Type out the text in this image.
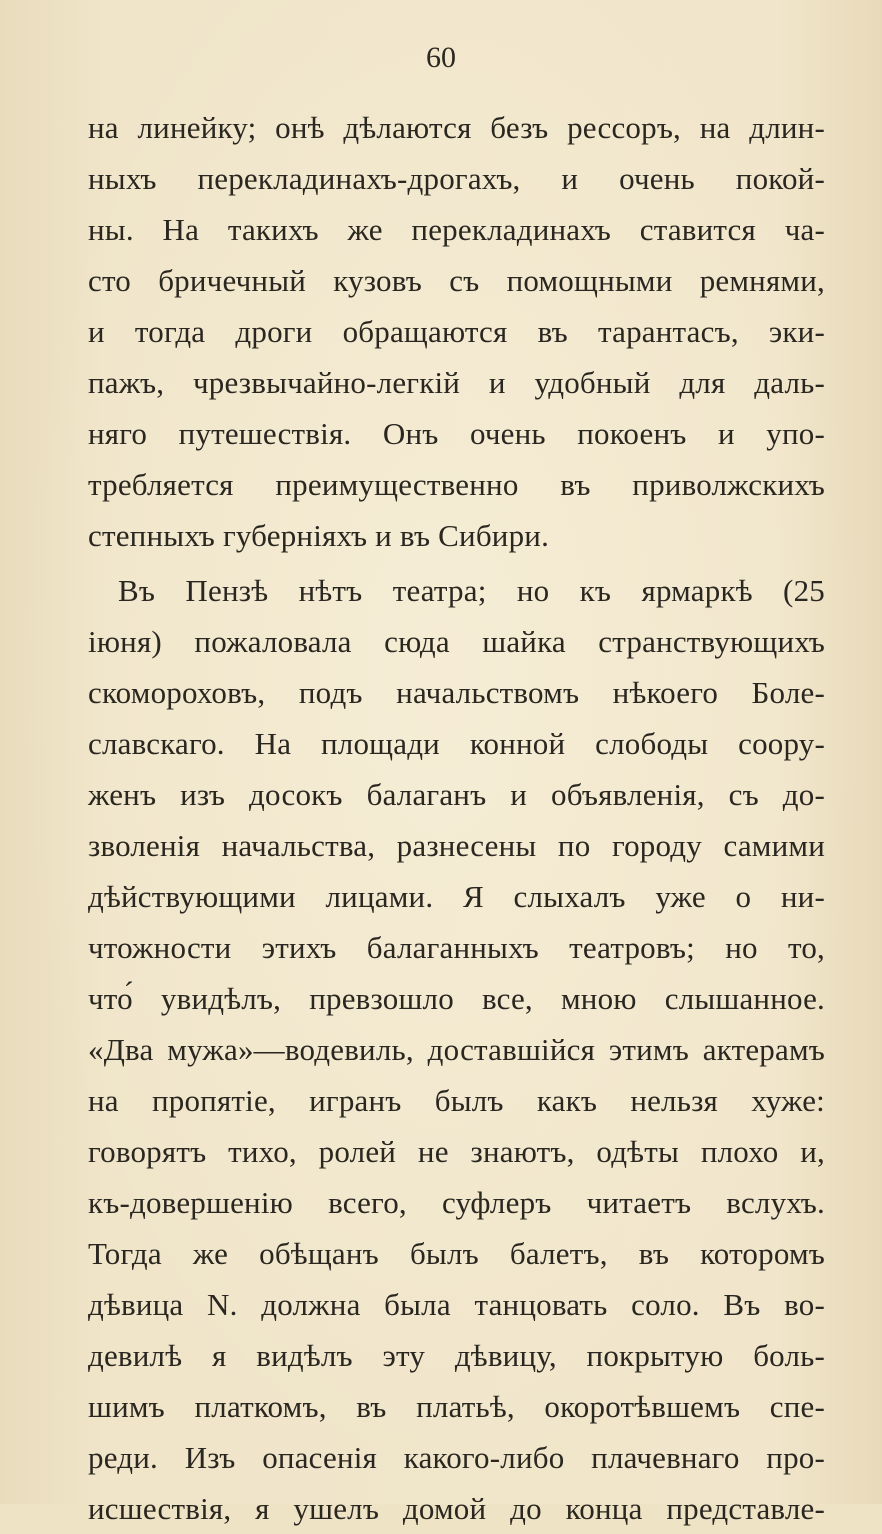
60
на линейку; онѣ дѣлаются безъ рессоръ, на длин-
ныхъ перекладинахъ-дрогахъ, и очень покой-
ны. На такихъ же перекладинахъ ставится ча-
сто бричечный кузовъ съ помощными ремнями,
и тогда дроги обращаются въ тарантасъ, эки-
пажъ, чрезвычайно-легкій и удобный для даль-
няго путешествія. Онъ очень покоенъ и упо-
требляется преимущественно въ приволжскихъ
степныхъ губерніяхъ и въ Сибири.
Въ Пензѣ нѣтъ театра; но къ ярмаркѣ (25
іюня) пожаловала сюда шайка странствующихъ
скомороховъ, подъ начальствомъ нѣкоего Боле-
славскаго. На площади конной слободы соору-
женъ изъ досокъ балаганъ и объявленія, съ до-
зволенія начальства, разнесены по городу самими
дѣйствующими лицами. Я слыхалъ уже о ни-
чтожности этихъ балаганныхъ театровъ; но то,
что́ увидѣлъ, превзошло все, мною слышанное.
«Два мужа»—водевиль, доставшійся этимъ актерамъ
на пропятіе, игранъ былъ какъ нельзя хуже:
говорятъ тихо, ролей не знаютъ, одѣты плохо и,
къ-довершенію всего, суфлеръ читаетъ вслухъ.
Тогда же обѣщанъ былъ балетъ, въ которомъ
дѣвица N. должна была танцовать соло. Въ во-
девилѣ я видѣлъ эту дѣвицу, покрытую боль-
шимъ платкомъ, въ платьѣ, окоротѣвшемъ спе-
реди. Изъ опасенія какого-либо плачевнаго про-
исшествія, я ушелъ домой до конца представле-
